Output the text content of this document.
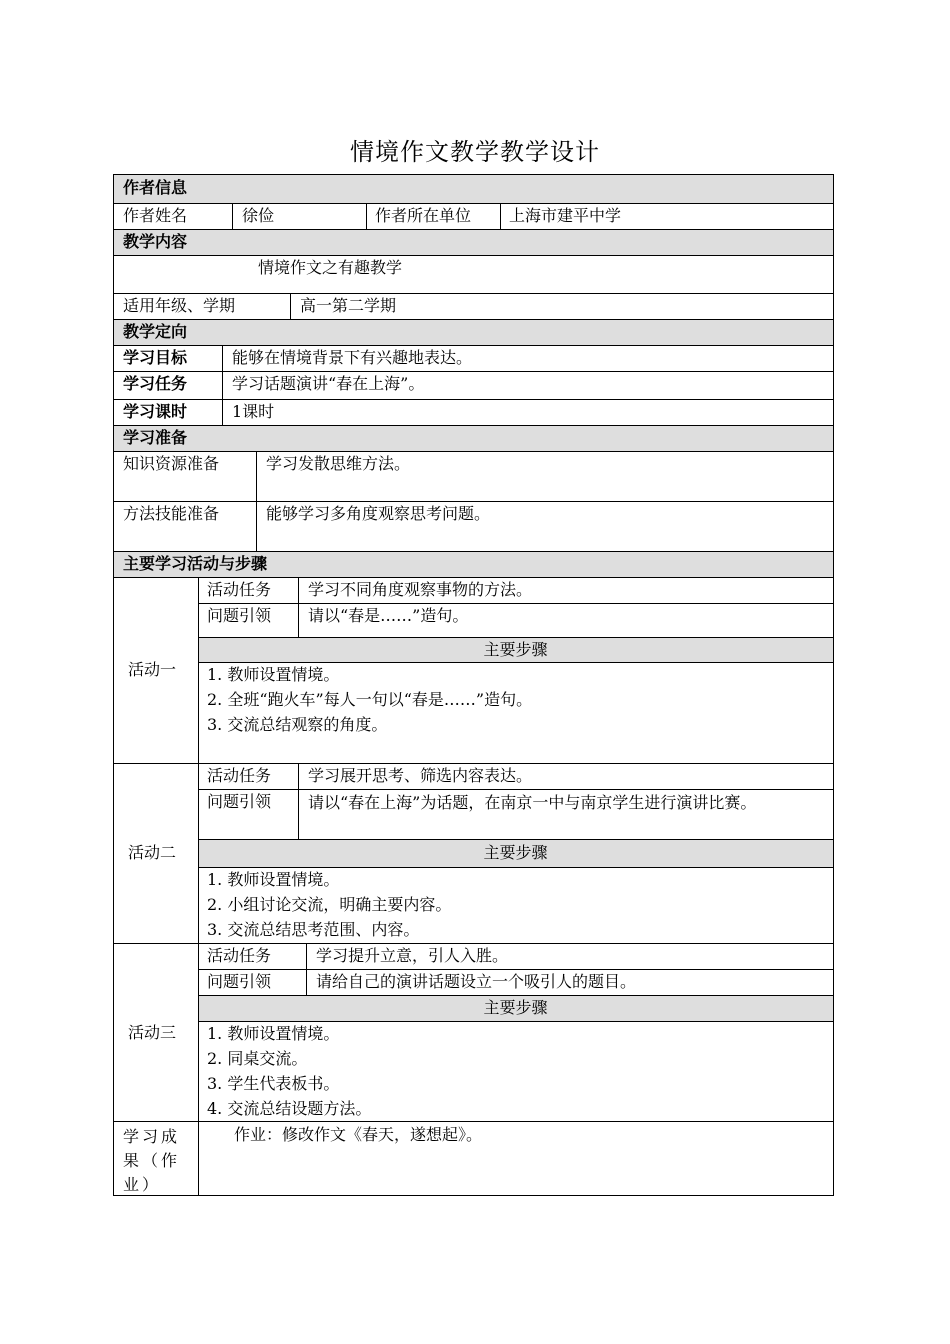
情境作文教学教学设计
作者信息
作者姓名	徐俭	作者所在单位 上海市建平中学
教学内容
情境作文之有趣教学
适用年级、学期	高一第二学期
教学定向
学习目标	能够在情境背景下有兴趣地表达。
学习任务	学习话题演讲“春在上海”。
学习课时	1课时
学习准备
知识资源准备	学习发散思维方法。
方法技能准备	能够学习多角度观察思考问题。
主要学习活动与步骤
活动一
活动任务 学习不同角度观察事物的方法。
问题引领 请以“春是……”造句。
主要步骤
1. 教师设置情境。
2. 全班“跑火车”每人一句以“春是……”造句。
3. 交流总结观察的角度。
活动二
活动任务 学习展开思考、筛选内容表达。
问题引领 请以“春在上海”为话题，在南京一中与南京学生进行演讲比赛。
主要步骤
1. 教师设置情境。
2. 小组讨论交流，明确主要内容。
3. 交流总结思考范围、内容。
活动三
活动任务	学习提升立意，引人入胜。
问题引领	请给自己的演讲话题设立一个吸引人的题目。
主要步骤
1. 教师设置情境。
2. 同桌交流。
3. 学生代表板书。
4. 交流总结设题方法。
学习成果（作业）
作业：修改作文《春天，遂想起》。
